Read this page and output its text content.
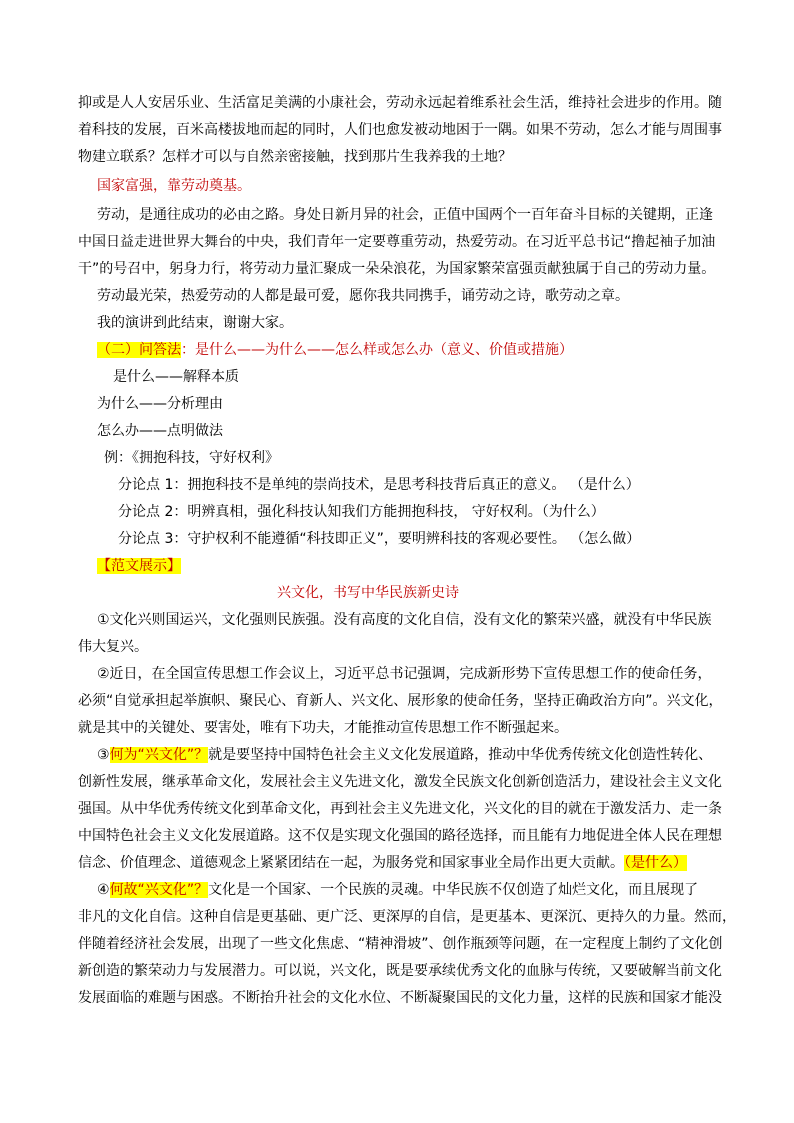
抑或是人人安居乐业、生活富足美满的小康社会，劳动永远起着维系社会生活，维持社会进步的作用。随
着科技的发展，百米高楼拔地而起的同时，人们也愈发被动地困于一隅。如果不劳动，怎么才能与周围事
物建立联系？怎样才可以与自然亲密接触，找到那片生我养我的土地？
国家富强，靠劳动奠基。
劳动，是通往成功的必由之路。身处日新月异的社会，正值中国两个一百年奋斗目标的关键期，正逢
中国日益走进世界大舞台的中央，我们青年一定要尊重劳动，热爱劳动。在习近平总书记“撸起袖子加油
干”的号召中，躬身力行，将劳动力量汇聚成一朵朵浪花，为国家繁荣富强贡献独属于自己的劳动力量。
劳动最光荣，热爱劳动的人都是最可爱，愿你我共同携手，诵劳动之诗，歌劳动之章。
我的演讲到此结束，谢谢大家。
（二）问答法：是什么——为什么——怎么样或怎么办（意义、价值或措施）
是什么——解释本质
为什么——分析理由
怎么办——点明做法
例：《拥抱科技，守好权利》
分论点 1：拥抱科技不是单纯的崇尚技术，是思考科技背后真正的意义。 （是什么）
分论点 2：明辨真相，强化科技认知我们方能拥抱科技， 守好权利。（为什么）
分论点 3：守护权利不能遵循“科技即正义”，要明辨科技的客观必要性。 （怎么做）
【范文展示】
兴文化，书写中华民族新史诗
①文化兴则国运兴，文化强则民族强。没有高度的文化自信，没有文化的繁荣兴盛，就没有中华民族
伟大复兴。
②近日，在全国宣传思想工作会议上，习近平总书记强调，完成新形势下宣传思想工作的使命任务，
必须“自觉承担起举旗帜、聚民心、育新人、兴文化、展形象的使命任务，坚持正确政治方向”。兴文化，
就是其中的关键处、要害处，唯有下功夫，才能推动宣传思想工作不断强起来。
③何为“兴文化”？就是要坚持中国特色社会主义文化发展道路，推动中华优秀传统文化创造性转化、
创新性发展，继承革命文化，发展社会主义先进文化，激发全民族文化创新创造活力，建设社会主义文化
强国。从中华优秀传统文化到革命文化，再到社会主义先进文化，兴文化的目的就在于激发活力、走一条
中国特色社会主义文化发展道路。这不仅是实现文化强国的路径选择，而且能有力地促进全体人民在理想
信念、价值理念、道德观念上紧紧团结在一起，为服务党和国家事业全局作出更大贡献。（是什么）
④何故“兴文化”？文化是一个国家、一个民族的灵魂。中华民族不仅创造了灿烂文化，而且展现了
非凡的文化自信。这种自信是更基础、更广泛、更深厚的自信，是更基本、更深沉、更持久的力量。然而，
伴随着经济社会发展，出现了一些文化焦虑、“精神滑坡”、创作瓶颈等问题，在一定程度上制约了文化创
新创造的繁荣动力与发展潜力。可以说，兴文化，既是要承续优秀文化的血脉与传统，又要破解当前文化
发展面临的难题与困惑。不断抬升社会的文化水位、不断凝聚国民的文化力量，这样的民族和国家才能没
